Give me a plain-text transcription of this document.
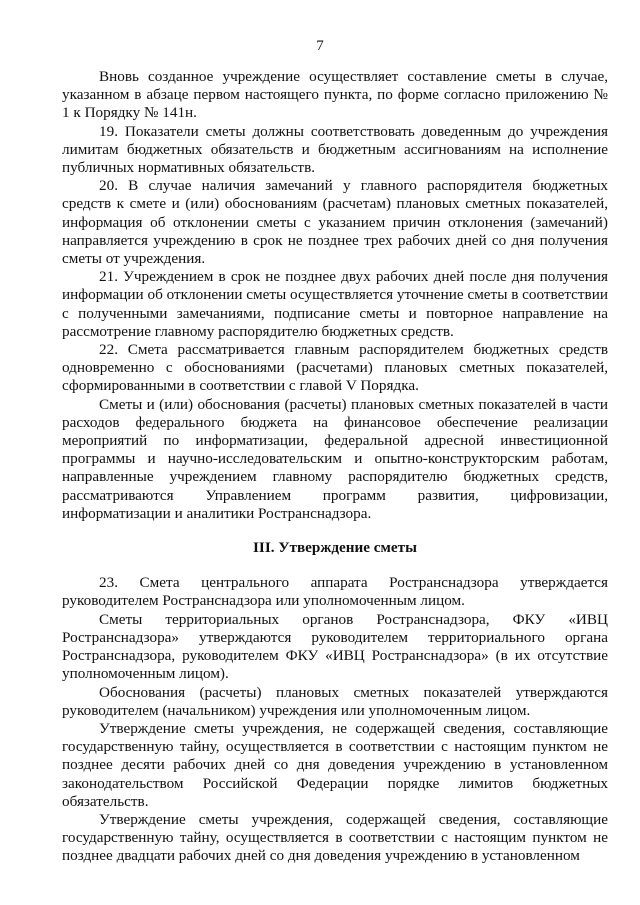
7

Вновь созданное учреждение осуществляет составление сметы в случае, указанном в абзаце первом настоящего пункта, по форме согласно приложению № 1 к Порядку № 141н.

19. Показатели сметы должны соответствовать доведенным до учреждения лимитам бюджетных обязательств и бюджетным ассигнованиям на исполнение публичных нормативных обязательств.

20. В случае наличия замечаний у главного распорядителя бюджетных средств к смете и (или) обоснованиям (расчетам) плановых сметных показателей, информация об отклонении сметы с указанием причин отклонения (замечаний) направляется учреждению в срок не позднее трех рабочих дней со дня получения сметы от учреждения.

21. Учреждением в срок не позднее двух рабочих дней после дня получения информации об отклонении сметы осуществляется уточнение сметы в соответствии с полученными замечаниями, подписание сметы и повторное направление на рассмотрение главному распорядителю бюджетных средств.

22. Смета рассматривается главным распорядителем бюджетных средств одновременно с обоснованиями (расчетами) плановых сметных показателей, сформированными в соответствии с главой V Порядка.

Сметы и (или) обоснования (расчеты) плановых сметных показателей в части расходов федерального бюджета на финансовое обеспечение реализации мероприятий по информатизации, федеральной адресной инвестиционной программы и научно-исследовательским и опытно-конструкторским работам, направленные учреждением главному распорядителю бюджетных средств, рассматриваются Управлением программ развития, цифровизации, информатизации и аналитики Ространснадзора.

III. Утверждение сметы

23. Смета центрального аппарата Ространснадзора утверждается руководителем Ространснадзора или уполномоченным лицом.

Сметы территориальных органов Ространснадзора, ФКУ «ИВЦ Ространснадзора» утверждаются руководителем территориального органа Ространснадзора, руководителем ФКУ «ИВЦ Ространснадзора» (в их отсутствие уполномоченным лицом).

Обоснования (расчеты) плановых сметных показателей утверждаются руководителем (начальником) учреждения или уполномоченным лицом.

Утверждение сметы учреждения, не содержащей сведения, составляющие государственную тайну, осуществляется в соответствии с настоящим пунктом не позднее десяти рабочих дней со дня доведения учреждению в установленном законодательством Российской Федерации порядке лимитов бюджетных обязательств.

Утверждение сметы учреждения, содержащей сведения, составляющие государственную тайну, осуществляется в соответствии с настоящим пунктом не позднее двадцати рабочих дней со дня доведения учреждению в установленном
